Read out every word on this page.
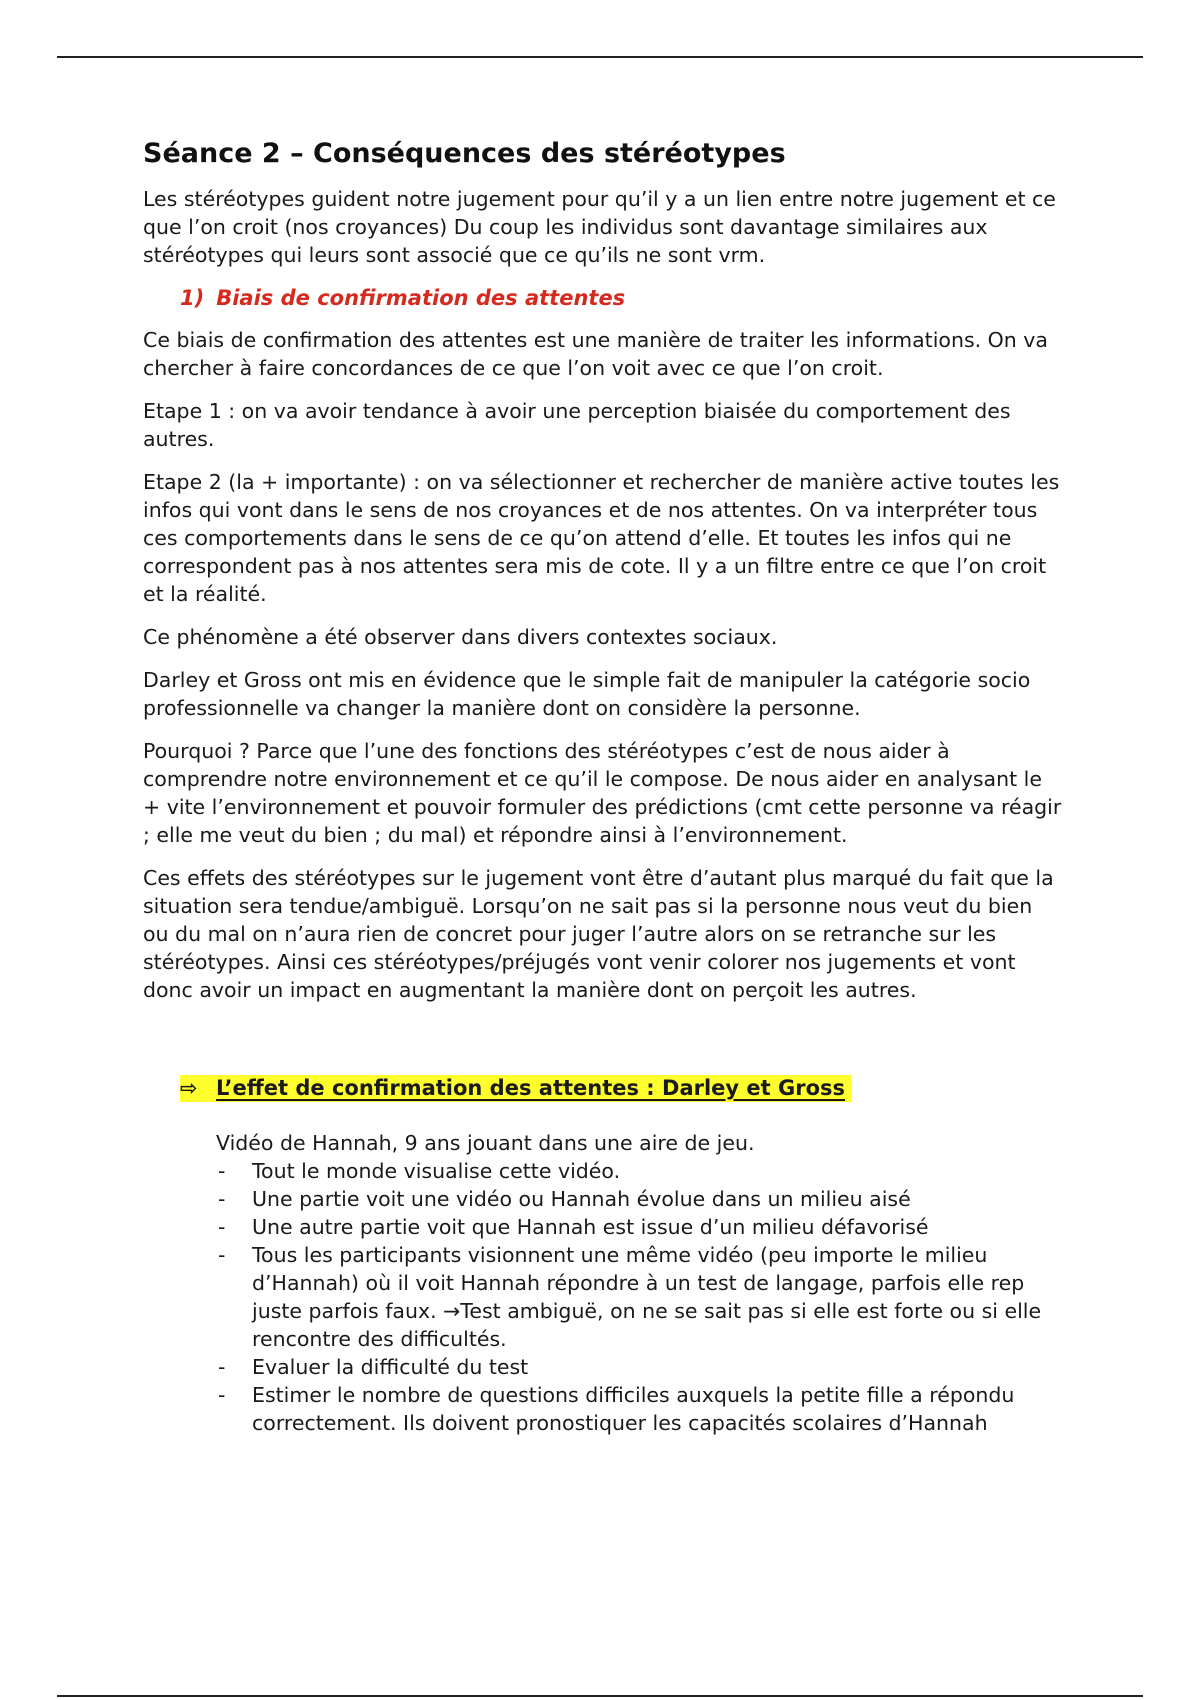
Séance 2 – Conséquences des stéréotypes

Les stéréotypes guident notre jugement pour qu’il y a un lien entre notre jugement et ce que l’on croit (nos croyances) Du coup les individus sont davantage similaires aux stéréotypes qui leurs sont associé que ce qu’ils ne sont vrm.

1) Biais de confirmation des attentes

Ce biais de confirmation des attentes est une manière de traiter les informations. On va chercher à faire concordances de ce que l’on voit avec ce que l’on croit.

Etape 1 : on va avoir tendance à avoir une perception biaisée du comportement des autres.

Etape 2 (la + importante) : on va sélectionner et rechercher de manière active toutes les infos qui vont dans le sens de nos croyances et de nos attentes. On va interpréter tous ces comportements dans le sens de ce qu’on attend d’elle. Et toutes les infos qui ne correspondent pas à nos attentes sera mis de cote. Il y a un filtre entre ce que l’on croit et la réalité.

Ce phénomène a été observer dans divers contextes sociaux.

Darley et Gross ont mis en évidence que le simple fait de manipuler la catégorie socio professionnelle va changer la manière dont on considère la personne.

Pourquoi ? Parce que l’une des fonctions des stéréotypes c’est de nous aider à comprendre notre environnement et ce qu’il le compose. De nous aider en analysant le + vite l’environnement et pouvoir formuler des prédictions (cmt cette personne va réagir ; elle me veut du bien ; du mal) et répondre ainsi à l’environnement.

Ces effets des stéréotypes sur le jugement vont être d’autant plus marqué du fait que la situation sera tendue/ambiguë. Lorsqu’on ne sait pas si la personne nous veut du bien ou du mal on n’aura rien de concret pour juger l’autre alors on se retranche sur les stéréotypes. Ainsi ces stéréotypes/préjugés vont venir colorer nos jugements et vont donc avoir un impact en augmentant la manière dont on perçoit les autres.

⇨ L’effet de confirmation des attentes : Darley et Gross

Vidéo de Hannah, 9 ans jouant dans une aire de jeu.

- Tout le monde visualise cette vidéo.
- Une partie voit une vidéo ou Hannah évolue dans un milieu aisé
- Une autre partie voit que Hannah est issue d’un milieu défavorisé
- Tous les participants visionnent une même vidéo (peu importe le milieu d’Hannah) où il voit Hannah répondre à un test de langage, parfois elle rep juste parfois faux. →Test ambiguë, on ne se sait pas si elle est forte ou si elle rencontre des difficultés.
- Evaluer la difficulté du test
- Estimer le nombre de questions difficiles auxquels la petite fille a répondu correctement. Ils doivent pronostiquer les capacités scolaires d’Hannah
